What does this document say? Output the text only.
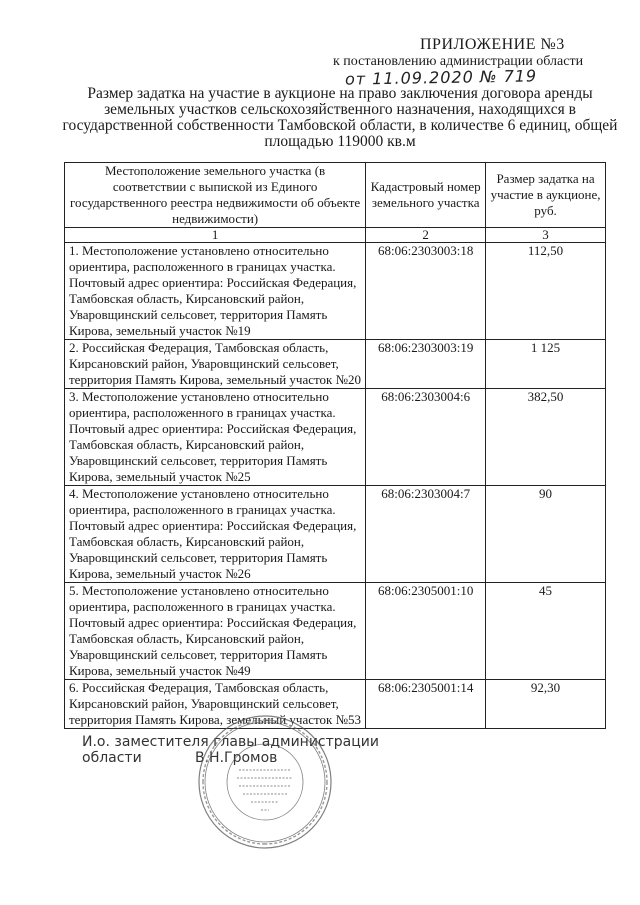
ПРИЛОЖЕНИЕ №3
к постановлению администрации области
от 11.09.2020 № 719
Размер задатка на участие в аукционе на право заключения договора аренды земельных участков сельскохозяйственного назначения, находящихся в государственной собственности Тамбовской области, в количестве 6 единиц, общей площадью 119000 кв.м
Местоположение земельного участка (в соответствии с выпиской из Единого государственного реестра недвижимости об объекте недвижимости)	Кадастровый номер земельного участка	Размер задатка на участие в аукционе, руб.
1	2	3
1. Местоположение установлено относительно ориентира, расположенного в границах участка. Почтовый адрес ориентира: Российская Федерация, Тамбовская область, Кирсановский район, Уваровщинский сельсовет, территория Память Кирова, земельный участок №19	68:06:2303003:18	112,50
2. Российская Федерация, Тамбовская область, Кирсановский район, Уваровщинский сельсовет, территория Память Кирова, земельный участок №20	68:06:2303003:19	1 125
3. Местоположение установлено относительно ориентира, расположенного в границах участка. Почтовый адрес ориентира: Российская Федерация, Тамбовская область, Кирсановский район, Уваровщинский сельсовет, территория Память Кирова, земельный участок №25	68:06:2303004:6	382,50
4. Местоположение установлено относительно ориентира, расположенного в границах участка. Почтовый адрес ориентира: Российская Федерация, Тамбовская область, Кирсановский район, Уваровщинский сельсовет, территория Память Кирова, земельный участок №26	68:06:2303004:7	90
5. Местоположение установлено относительно ориентира, расположенного в границах участка. Почтовый адрес ориентира: Российская Федерация, Тамбовская область, Кирсановский район, Уваровщинский сельсовет, территория Память Кирова, земельный участок №49	68:06:2305001:10	45
6. Российская Федерация, Тамбовская область, Кирсановский район, Уваровщинский сельсовет, территория Память Кирова, земельный участок №53	68:06:2305001:14	92,30
И.о. заместителя главы администрации
области	В.Н.Громов
